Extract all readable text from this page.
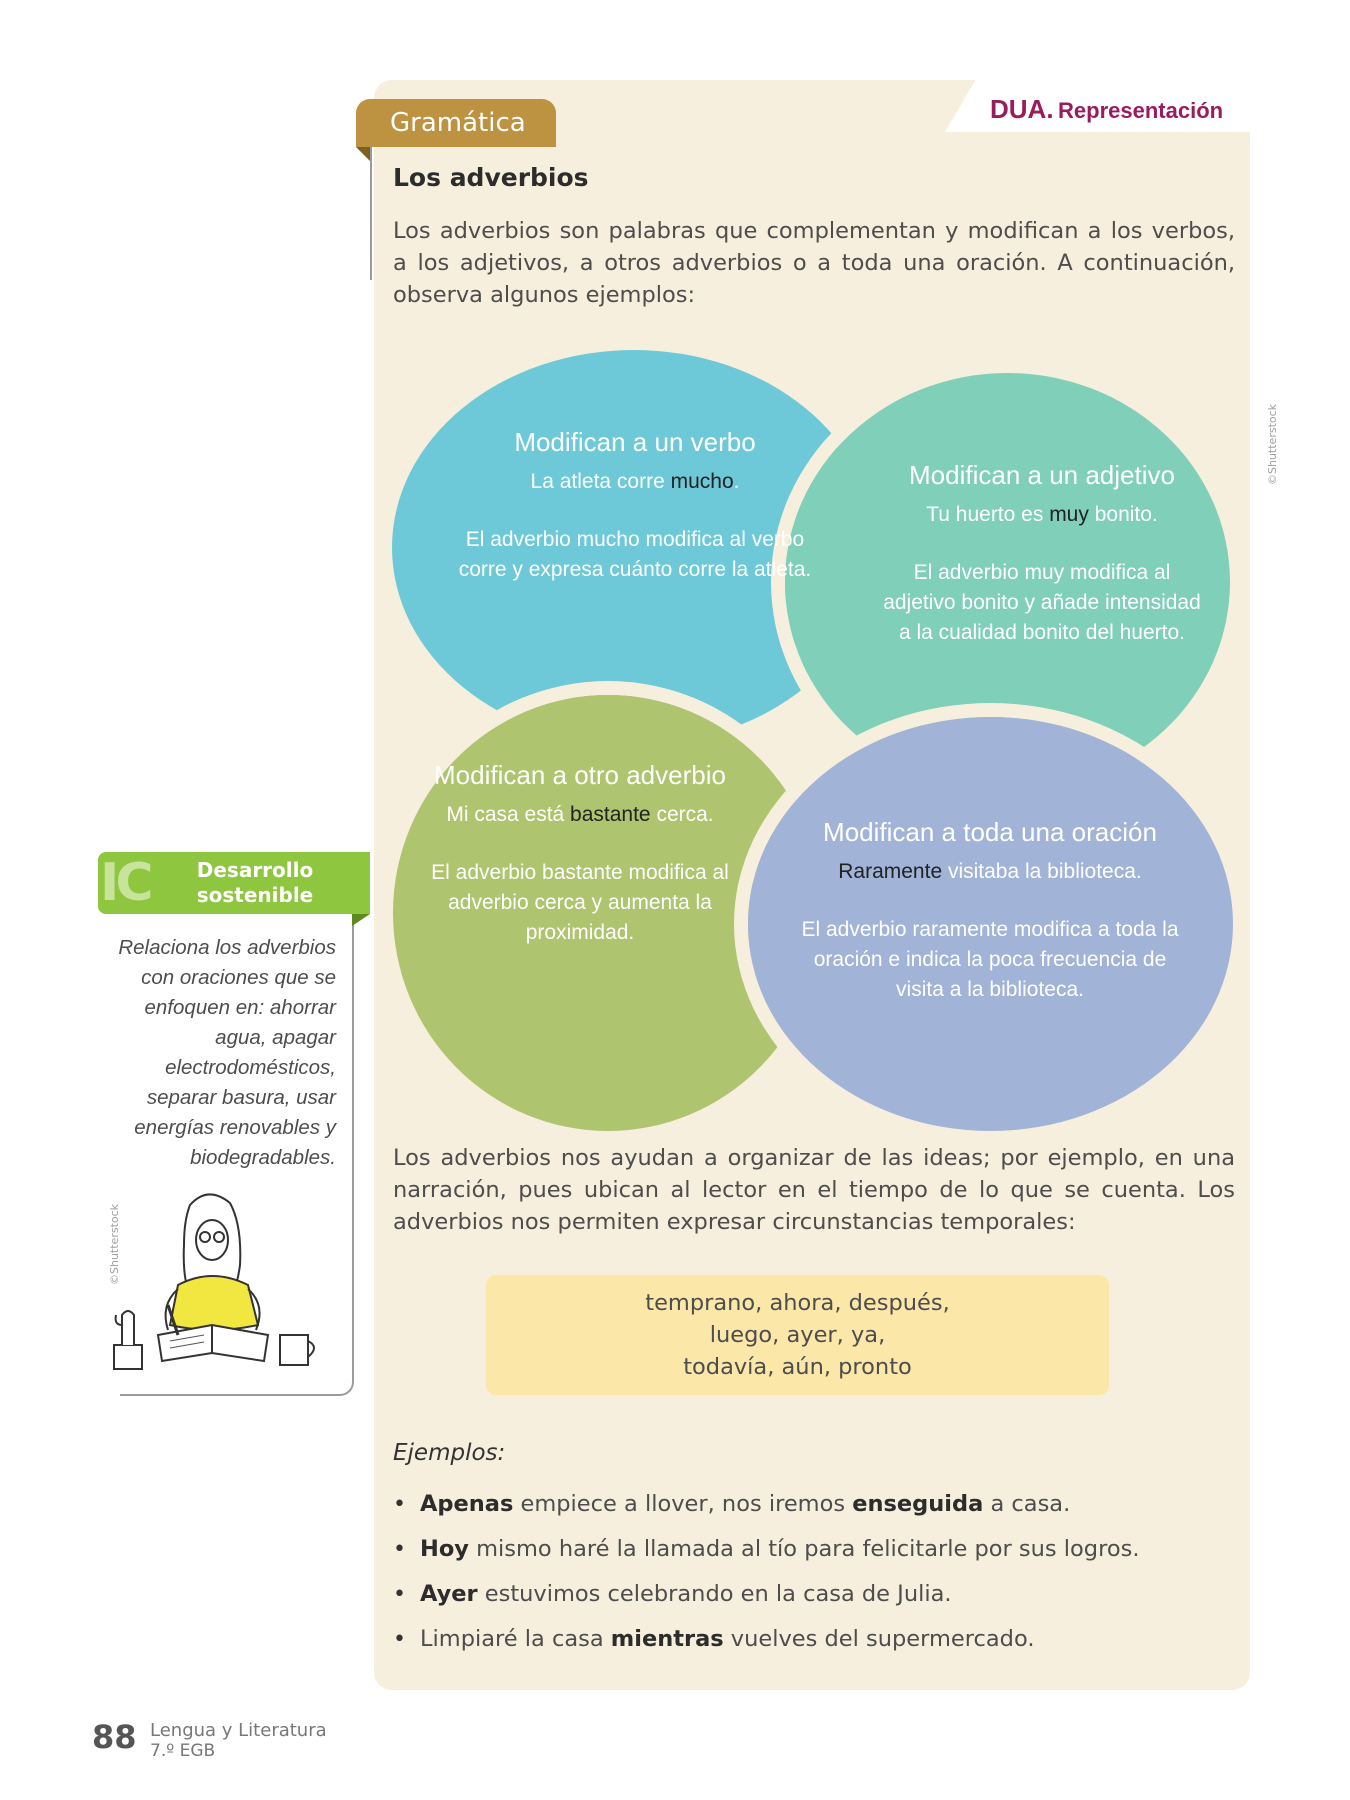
DUA. Representación
Gramática
Los adverbios
Los adverbios son palabras que complementan y modifican a los verbos, a los adjetivos, a otros adverbios o a toda una oración. A continuación, observa algunos ejemplos:
Modifican a un verbo
La atleta corre mucho.
El adverbio mucho modifica al verbo corre y expresa cuánto corre la atleta.
Modifican a un adjetivo
Tu huerto es muy bonito.
El adverbio muy modifica al adjetivo bonito y añade intensidad a la cualidad bonito del huerto.
Modifican a otro adverbio
Mi casa está bastante cerca.
El adverbio bastante modifica al adverbio cerca y aumenta la proximidad.
Modifican a toda una oración
Raramente visitaba la biblioteca.
El adverbio raramente modifica a toda la oración e indica la poca frecuencia de visita a la biblioteca.
©Shutterstock
Los adverbios nos ayudan a organizar de las ideas; por ejemplo, en una narración, pues ubican al lector en el tiempo de lo que se cuenta. Los adverbios nos permiten expresar circunstancias temporales:
temprano, ahora, después,
luego, ayer, ya,
todavía, aún, pronto
Ejemplos:
• Apenas empiece a llover, nos iremos enseguida a casa.
• Hoy mismo haré la llamada al tío para felicitarle por sus logros.
• Ayer estuvimos celebrando en la casa de Julia.
• Limpiaré la casa mientras vuelves del supermercado.
IC	Desarrollo sostenible
Relaciona los adverbios con oraciones que se enfoquen en: ahorrar agua, apagar electrodomésticos, separar basura, usar energías renovables y biodegradables.
©Shutterstock
88 Lengua y Literatura
7.º EGB
